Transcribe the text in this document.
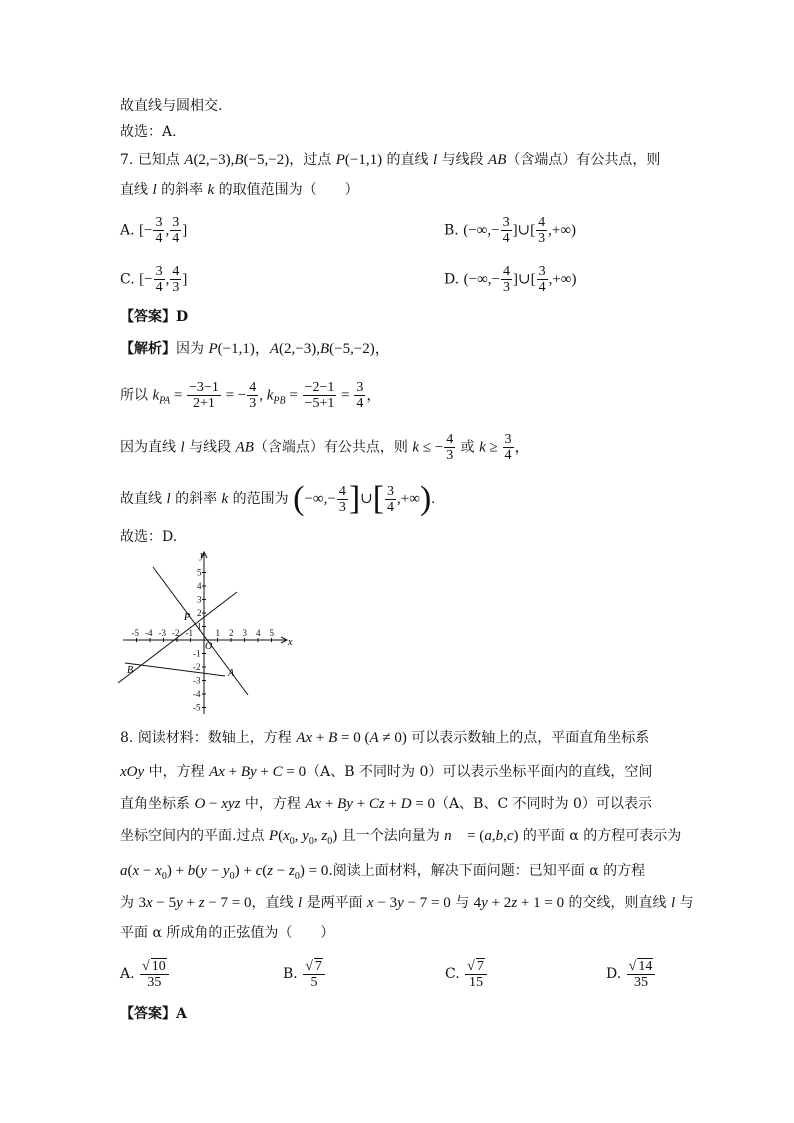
故直线与圆相交.
故选：A.
7. 已知点 A(2,−3),B(−5,−2)，过点 P(−1,1) 的直线 l 与线段 AB（含端点）有公共点，则
直线 l 的斜率 k 的取值范围为（　　）
A. [− $\frac{3}{4}$ , $\frac{3}{4}$ ]	B. (−∞,− $\frac{3}{4}$ ]∪[ $\frac{4}{3}$ ,+∞)
C. [− $\frac{3}{4}$ , $\frac{4}{3}$ ]	D. (−∞,− $\frac{4}{3}$ ]∪[ $\frac{3}{4}$ ,+∞)
【答案】D
【解析】因为 P(−1,1)，A(2,−3),B(−5,−2)，
所以 $k_{PA} = \frac{-3-1}{2+1}$ = − $\frac{4}{3}$ , $k_{PB} = \frac{-2-1}{-5+1} = \frac{3}{4}$ ，
因为直线 l 与线段 AB（含端点）有公共点，则 k ≤ − $\frac{4}{3}$ 或 $k \ge \frac{3}{4}$ ，
故直线 l 的斜率 k 的范围为 (−∞,− $\frac{4}{3}$ ]∪[ $\frac{3}{4}$ ,+∞).
故选：D.
-5 -4 -3 -2 -1	1 2 3 4 5
5
4
3
2
1
-1
-2
-3
-4
-5
x
y
O
P
A
B
8. 阅读材料：数轴上，方程 Ax + B = 0 (A ≠ 0) 可以表示数轴上的点，平面直角坐标系
xOy 中，方程 Ax + By + C = 0（A、B 不同时为 0）可以表示坐标平面内的直线，空间
直角坐标系 O − xyz 中，方程 Ax + By + Cz + D = 0（A、B、C 不同时为 0）可以表示
坐标空间内的平面.过点 $P(x_0$, $y_0$, $z_0$) 且一个法向量为 n⃗ = (a,b,c) 的平面 α 的方程可表示为
$a(x - x_0) + b(y - y_0) + c(z - z_0) = 0$.阅读上面材料，解决下面问题：已知平面 α 的方程
为 3x − 5y + z − 7 = 0，直线 l 是两平面 x − 3y − 7 = 0 与 4y + 2z + 1 = 0 的交线，则直线 l 与
平面 α 所成角的正弦值为（　　）
A. $\frac{√ 10}{35}$	B. $\frac{√ 7}{5}$	C. $\frac{√ 7}{15}$	D. $\frac{√ 14}{35}$
【答案】A
